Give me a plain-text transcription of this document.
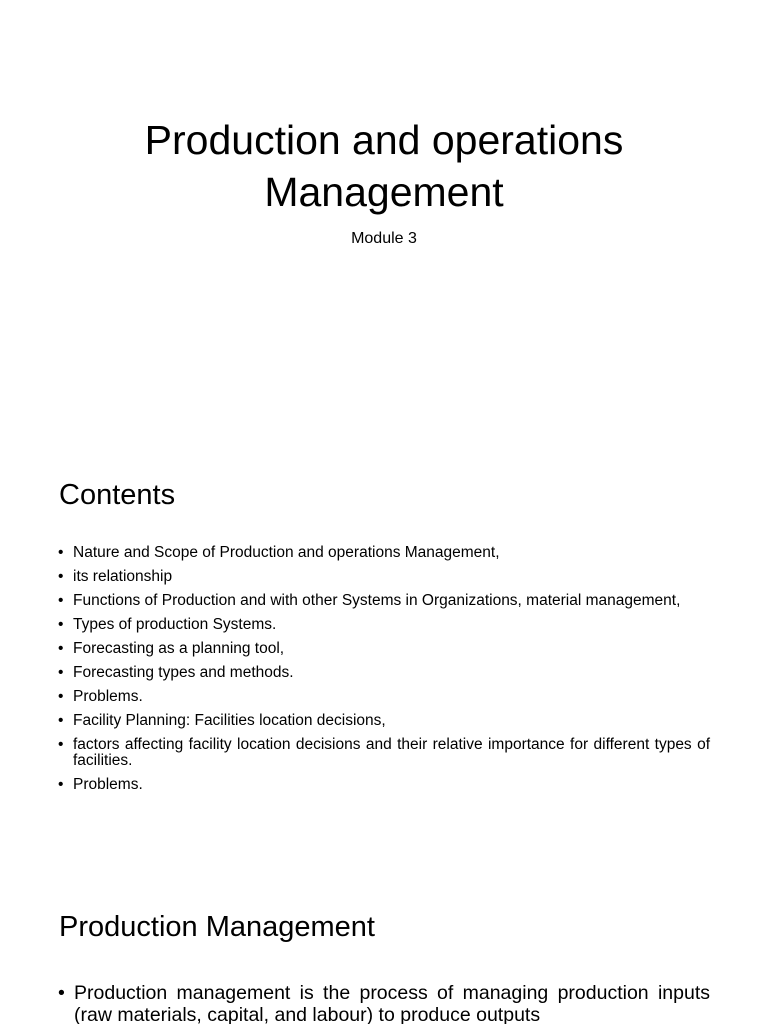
Production and operations
Management
Module 3
Contents
• Nature and Scope of Production and operations Management,
• its relationship
• Functions of Production and with other Systems in Organizations, material management,
• Types of production Systems.
• Forecasting as a planning tool,
• Forecasting types and methods.
• Problems.
• Facility Planning: Facilities location decisions,
• factors affecting facility location decisions and their relative importance for different types of facilities.
• Problems.
Production Management
• Production management is the process of managing production inputs (raw materials, capital, and labour) to produce outputs
